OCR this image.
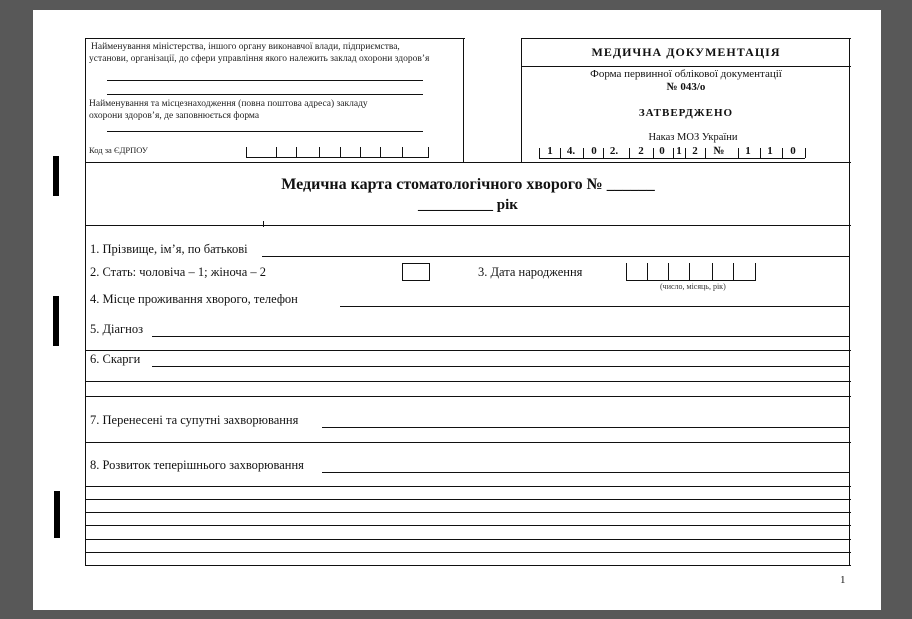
Найменування міністерства, іншого органу виконавчої влади, підприємства,
установи, організації, до сфери управління якого належить заклад охорони здоров’я
Найменування та місцезнаходження (повна поштова адреса) закладу
охорони здоров’я, де заповнюється форма
Код за ЄДРПОУ
МЕДИЧНА ДОКУМЕНТАЦІЯ
Форма первинної облікової документації
№ 043/о
ЗАТВЕРДЖЕНО
Наказ МОЗ України
1	4.	0	2.	2	0	1 2	№	1	1	0
Медична карта стоматологічного хворого № ______
__________ рік
1. Прізвище, ім’я, по батькові
2. Стать: чоловіча – 1; жіноча – 2	3. Дата народження
(число, місяць, рік)
4. Місце проживання хворого, телефон
5. Діагноз
6. Скарги
7. Перенесені та супутні захворювання
8. Розвиток теперішнього захворювання
1
